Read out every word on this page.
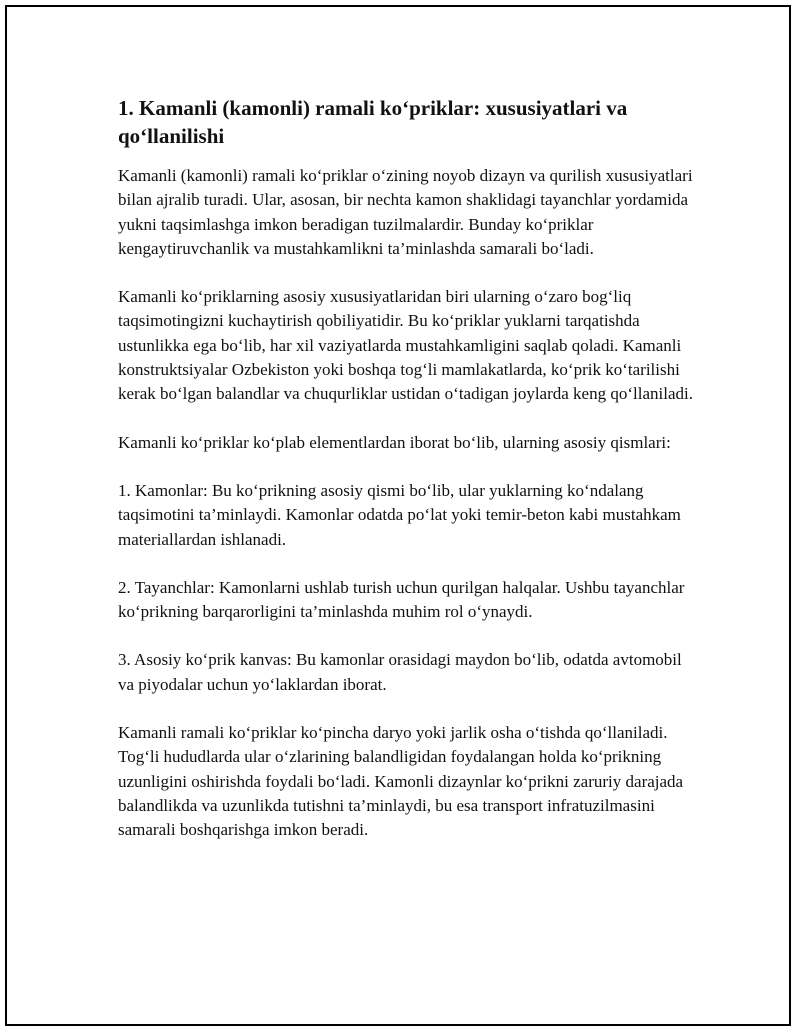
1. Kamanli (kamonli) ramali ko‘priklar: xususiyatlari va qo‘llanilishi

Kamanli (kamonli) ramali ko‘priklar o‘zining noyob dizayn va qurilish xususiyatlari bilan ajralib turadi. Ular, asosan, bir nechta kamon shaklidagi tayanchlar yordamida yukni taqsimlashga imkon beradigan tuzilmalardir. Bunday ko‘priklar kengaytiruvchanlik va mustahkamlikni ta’minlashda samarali bo‘ladi.

Kamanli ko‘priklarning asosiy xususiyatlaridan biri ularning o‘zaro bog‘liq taqsimotingizni kuchaytirish qobiliyatidir. Bu ko‘priklar yuklarni tarqatishda ustunlikka ega bo‘lib, har xil vaziyatlarda mustahkamligini saqlab qoladi. Kamanli konstruktsiyalar Ozbekiston yoki boshqa tog‘li mamlakatlarda, ko‘prik ko‘tarilishi kerak bo‘lgan balandlar va chuqurliklar ustidan o‘tadigan joylarda keng qo‘llaniladi.

Kamanli ko‘priklar ko‘plab elementlardan iborat bo‘lib, ularning asosiy qismlari:

1. Kamonlar: Bu ko‘prikning asosiy qismi bo‘lib, ular yuklarning ko‘ndalang taqsimotini ta’minlaydi. Kamonlar odatda po‘lat yoki temir-beton kabi mustahkam materiallardan ishlanadi.

2. Tayanchlar: Kamonlarni ushlab turish uchun qurilgan halqalar. Ushbu tayanchlar ko‘prikning barqarorligini ta’minlashda muhim rol o‘ynaydi.

3. Asosiy ko‘prik kanvas: Bu kamonlar orasidagi maydon bo‘lib, odatda avtomobil va piyodalar uchun yo‘laklardan iborat.

Kamanli ramali ko‘priklar ko‘pincha daryo yoki jarlik osha o‘tishda qo‘llaniladi. Tog‘li hududlarda ular o‘zlarining balandligidan foydalangan holda ko‘prikning uzunligini oshirishda foydali bo‘ladi. Kamonli dizaynlar ko‘prikni zaruriy darajada balandlikda va uzunlikda tutishni ta’minlaydi, bu esa transport infratuzilmasini samarali boshqarishga imkon beradi.
